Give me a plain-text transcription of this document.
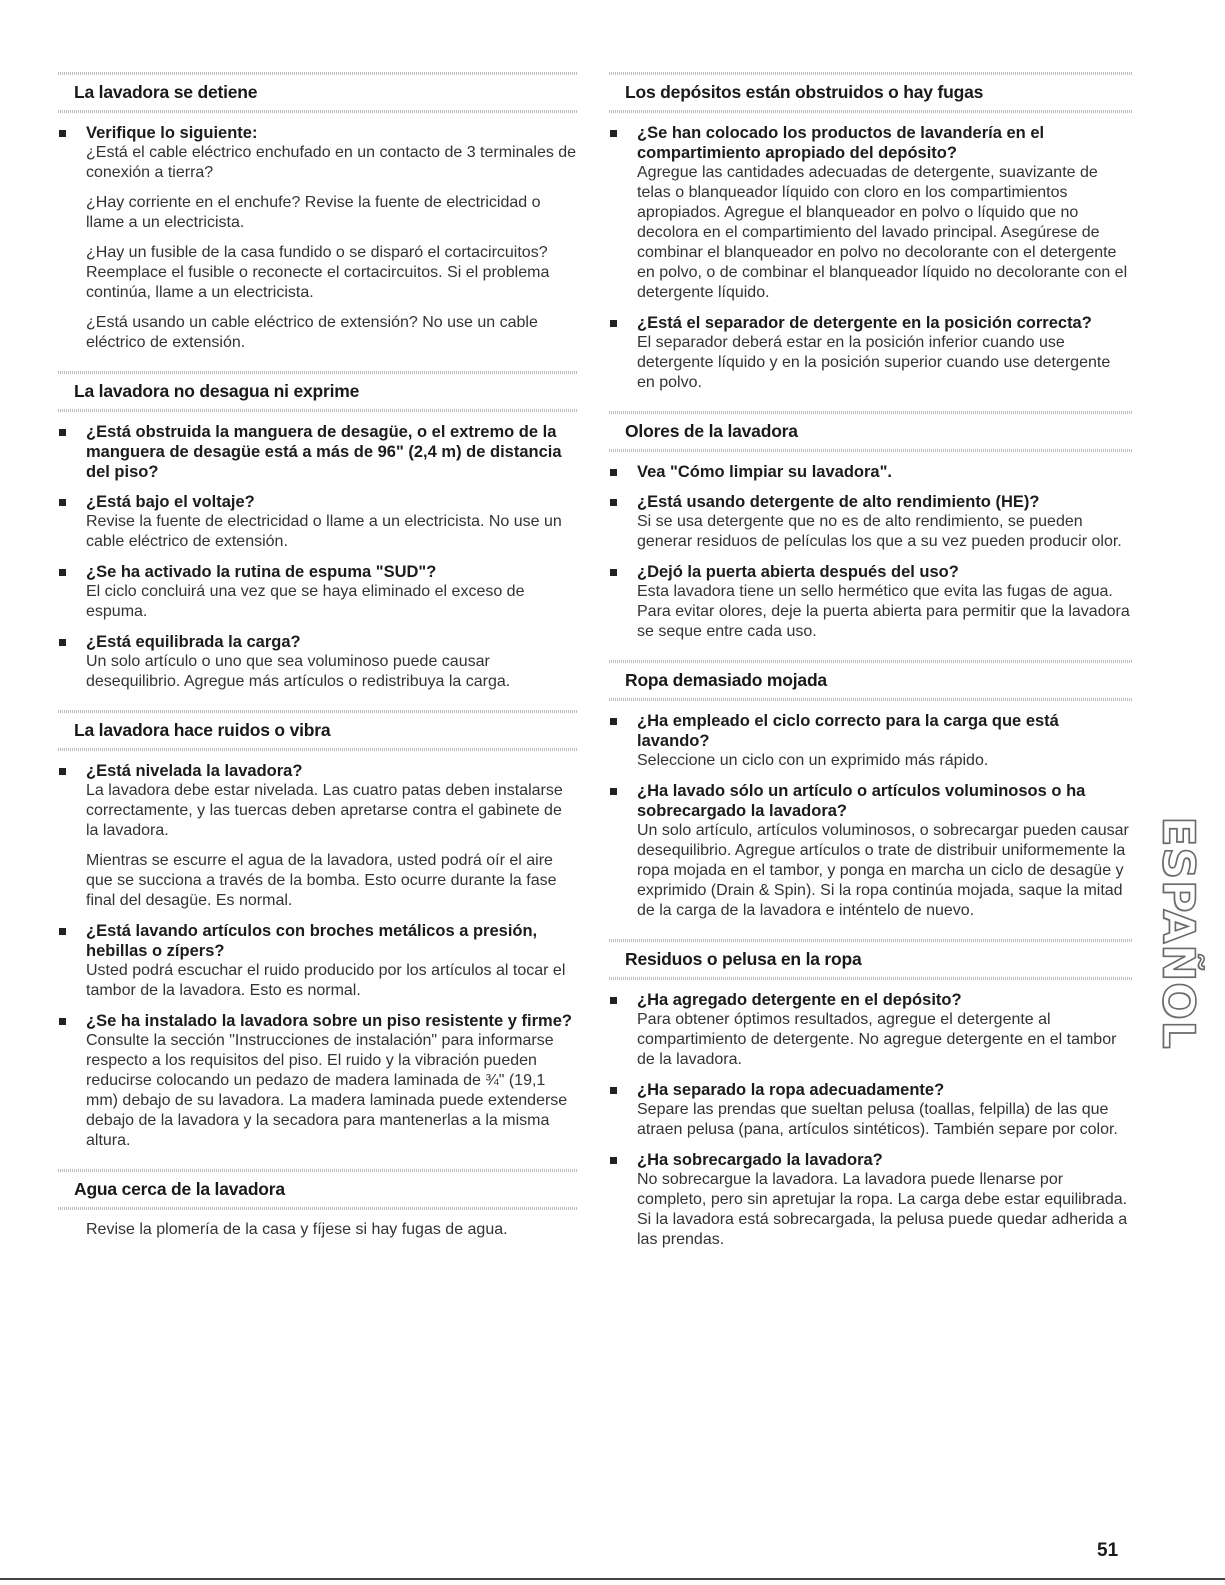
La lavadora se detiene
Verifique lo siguiente:
¿Está el cable eléctrico enchufado en un contacto de 3 terminales de conexión a tierra?
¿Hay corriente en el enchufe? Revise la fuente de electricidad o llame a un electricista.
¿Hay un fusible de la casa fundido o se disparó el cortacircuitos? Reemplace el fusible o reconecte el cortacircuitos. Si el problema continúa, llame a un electricista.
¿Está usando un cable eléctrico de extensión? No use un cable eléctrico de extensión.
La lavadora no desagua ni exprime
¿Está obstruida la manguera de desagüe, o el extremo de la manguera de desagüe está a más de 96" (2,4 m) de distancia del piso?
¿Está bajo el voltaje?
Revise la fuente de electricidad o llame a un electricista. No use un cable eléctrico de extensión.
¿Se ha activado la rutina de espuma "SUD"?
El ciclo concluirá una vez que se haya eliminado el exceso de espuma.
¿Está equilibrada la carga?
Un solo artículo o uno que sea voluminoso puede causar desequilibrio. Agregue más artículos o redistribuya la carga.
La lavadora hace ruidos o vibra
¿Está nivelada la lavadora?
La lavadora debe estar nivelada. Las cuatro patas deben instalarse correctamente, y las tuercas deben apretarse contra el gabinete de la lavadora.
Mientras se escurre el agua de la lavadora, usted podrá oír el aire que se succiona a través de la bomba. Esto ocurre durante la fase final del desagüe. Es normal.
¿Está lavando artículos con broches metálicos a presión, hebillas o zípers?
Usted podrá escuchar el ruido producido por los artículos al tocar el tambor de la lavadora. Esto es normal.
¿Se ha instalado la lavadora sobre un piso resistente y firme?
Consulte la sección "Instrucciones de instalación" para informarse respecto a los requisitos del piso. El ruido y la vibración pueden reducirse colocando un pedazo de madera laminada de ¾" (19,1 mm) debajo de su lavadora. La madera laminada puede extenderse debajo de la lavadora y la secadora para mantenerlas a la misma altura.
Agua cerca de la lavadora
Revise la plomería de la casa y fíjese si hay fugas de agua.
Los depósitos están obstruidos o hay fugas
¿Se han colocado los productos de lavandería en el compartimiento apropiado del depósito?
Agregue las cantidades adecuadas de detergente, suavizante de telas o blanqueador líquido con cloro en los compartimientos apropiados. Agregue el blanqueador en polvo o líquido que no decolora en el compartimiento del lavado principal. Asegúrese de combinar el blanqueador en polvo no decolorante con el detergente en polvo, o de combinar el blanqueador líquido no decolorante con el detergente líquido.
¿Está el separador de detergente en la posición correcta?
El separador deberá estar en la posición inferior cuando use detergente líquido y en la posición superior cuando use detergente en polvo.
Olores de la lavadora
Vea "Cómo limpiar su lavadora".
¿Está usando detergente de alto rendimiento (HE)?
Si se usa detergente que no es de alto rendimiento, se pueden generar residuos de películas los que a su vez pueden producir olor.
¿Dejó la puerta abierta después del uso?
Esta lavadora tiene un sello hermético que evita las fugas de agua. Para evitar olores, deje la puerta abierta para permitir que la lavadora se seque entre cada uso.
Ropa demasiado mojada
¿Ha empleado el ciclo correcto para la carga que está lavando?
Seleccione un ciclo con un exprimido más rápido.
¿Ha lavado sólo un artículo o artículos voluminosos o ha sobrecargado la lavadora?
Un solo artículo, artículos voluminosos, o sobrecargar pueden causar desequilibrio. Agregue artículos o trate de distribuir uniformemente la ropa mojada en el tambor, y ponga en marcha un ciclo de desagüe y exprimido (Drain & Spin). Si la ropa continúa mojada, saque la mitad de la carga de la lavadora e inténtelo de nuevo.
Residuos o pelusa en la ropa
¿Ha agregado detergente en el depósito?
Para obtener óptimos resultados, agregue el detergente al compartimiento de detergente. No agregue detergente en el tambor de la lavadora.
¿Ha separado la ropa adecuadamente?
Separe las prendas que sueltan pelusa (toallas, felpilla) de las que atraen pelusa (pana, artículos sintéticos). También separe por color.
¿Ha sobrecargado la lavadora?
No sobrecargue la lavadora. La lavadora puede llenarse por completo, pero sin apretujar la ropa. La carga debe estar equilibrada. Si la lavadora está sobrecargada, la pelusa puede quedar adherida a las prendas.
ESPAÑOL
51
